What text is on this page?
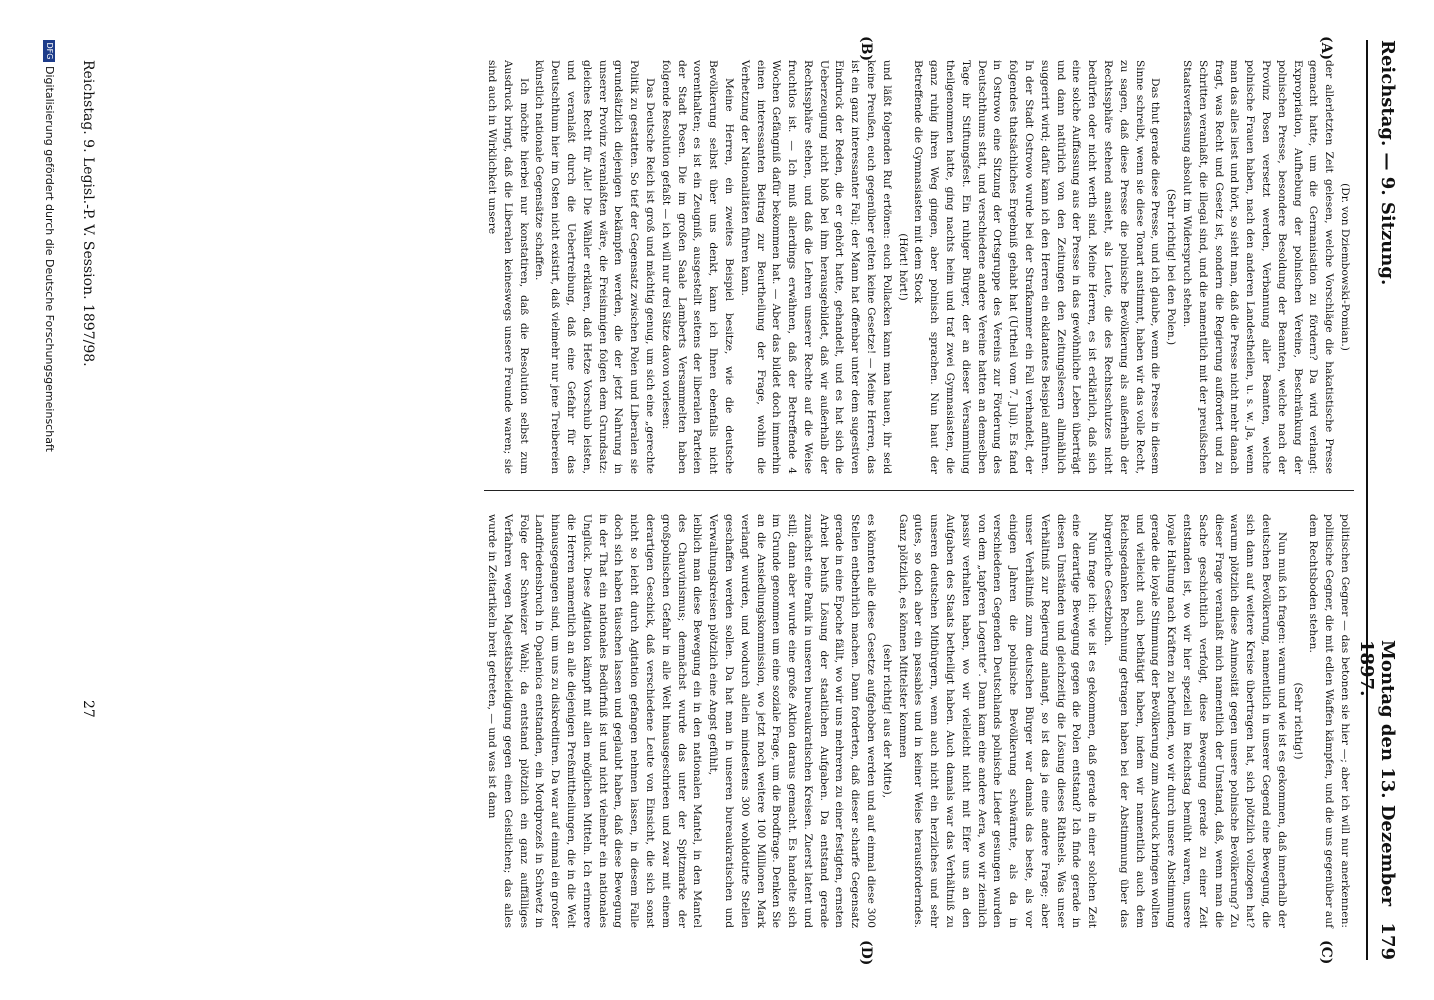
Reichstag. — 9. Sitzung.
Montag den 13. Dezember 1897.
179
(A)
(B)
(C)
(D)

(Dr. von Dziembowski-Pomian.)

der allerletzten Zeit gelesen, welche Vorschläge die hakatistische Presse gemacht hatte, um die Germanisation zu fördern? Da wird verlangt: Expropriation, Aufhebung der polnischen Vereine, Beschränkung der polnischen Presse, besondere Besoldung der Beamten, welche nach der Provinz Posen versetzt werden, Verbannung aller Beamten, welche polnische Frauen haben, nach den anderen Landestheilen, u. s. w. Ja, wenn man das alles liest und hört, so sieht man, daß die Presse nicht mehr danach fragt, was Recht und Gesetz ist, sondern die Regierung auffordert und zu Schritten veranlaßt, die illegal sind, und die namentlich mit der preußischen Staatsverfassung absolut im Widerspruch stehen.

(Sehr richtig! bei den Polen.)

Das thut gerade diese Presse, und ich glaube, wenn die Presse in diesem Sinne schreibt, wenn sie diese Tonart anstimmt, haben wir das volle Recht, zu sagen, daß diese Presse die polnische Bevölkerung als außerhalb der Rechtssphäre stehend ansieht, als Leute, die des Rechtsschutzes nicht bedürfen oder nicht werth sind. Meine Herren, es ist erklärlich, daß sich eine solche Auffassung aus der Presse in das gewöhnliche Leben überträgt und dann natürlich von den Zeitungen den Zeitungslesern allmählich suggerirt wird; dafür kann ich den Herren ein eklatantes Beispiel anführen. In der Stadt Ostrowo wurde bei der Strafkammer ein Fall verhandelt, der folgendes thatsächliches Ergebniß gehabt hat (Urtheil vom 7. Juli). Es fand in Ostrowo eine Sitzung der Ortsgruppe des Vereins zur Förderung des Deutschthums statt, und verschiedene andere Vereine hatten an demselben Tage ihr Stiftungsfest. Ein ruhiger Bürger, der an dieser Versammlung theilgenommen hatte, ging nachts heim und traf zwei Gymnasiasten, die ganz ruhig ihren Weg gingen, aber polnisch sprachen. Nun haut der Betreffende die Gymnasiasten mit dem Stock

(Hört! hört!)

und läßt folgenden Ruf ertönen: euch Pollacken kann man hauen, ihr seid keine Preußen, euch gegenüber gelten keine Gesetze! — Meine Herren, das ist ein ganz interessanter Fall; der Mann hat offenbar unter dem sugestiven Eindruck der Reden, die er gehört hatte, gehandelt, und es hat sich die Ueberzeugung nicht bloß bei ihm herausgebildet, daß wir außerhalb der Rechtssphäre stehen, und daß die Lehren unserer Rechte auf die Weise fruchtlos ist. — Ich muß allerdings erwähnen, daß der Betreffende 4 Wochen Gefängniß dafür bekommen hat. — Aber das bildet doch immerhin einen interessanten Beitrag zur Beurtheilung der Frage, wohin die Verhetzung der Nationalitäten führen kann.

Meine Herren, ein zweites Beispiel besitze, wie die deutsche Bevölkerung selbst über uns denkt, kann ich Ihnen ebenfalls nicht vorenthalten; es ist ein Zeugniß, ausgestellt seitens der liberalen Parteien der Stadt Posen. Die im großen Saale Lamberts Versammelten haben folgende Resolution gefaßt — ich will nur drei Sätze davon vorlesen:

Das Deutsche Reich ist groß und mächtig genug, um sich eine „gerechte Politik zu gestatten. So tief der Gegensatz zwischen Polen und Liberalen sie grundsätzlich diejenigen bekämpfen werden, die der jetzt Nahrung in unserer Provinz veranlaßten wäre, die Freisinnigen folgen dem Grundsatz: gleiches Recht für Alle! Die Wähler erklären, daß Hetze Vorschub leisten, und veranlaßt durch die Uebertreibung, daß eine Gefahr für das Deutschthum hier im Osten nicht existirt, daß vielmehr nur jene Treibereien künstlich nationale Gegensätze schaffen.

Ich möchte hierbei nur konstatiren, daß die Resolution selbst zum Ausdruck bringt, daß die Liberalen keineswegs unsere Freunde waren; sie sind auch in Wirklichkeit unsere

politischen Gegner — das betonen sie hier —; aber ich will nur anerkennen: politische Gegner, die mit edlen Waffen kämpfen, und die uns gegenüber auf dem Rechtsboden stehen.

(Sehr richtig!)

Nun muß ich fragen: warum und wie ist es gekommen, daß innerhalb der deutschen Bevölkerung, namentlich in unserer Gegend eine Bewegung, die sich dann auf weitere Kreise übertragen hat, sich plötzlich vollzogen hat? warum plötzlich diese Animosität gegen unsere polnische Bevölkerung? Zu dieser Frage veranlaßt mich namentlich der Umstand, daß, wenn man die Sache geschichtlich verfolgt, diese Bewegung gerade zu einer Zeit entstanden ist, wo wir hier speziell im Reichstag bemüht waren, unsere loyale Haltung nach Kräften zu befunden, wo wir durch unsere Abstimmung gerade die loyale Stimmung der Bevölkerung zum Ausdruck bringen wollten und vielleicht auch bethätigt haben, indem wir namentlich auch dem Reichsgedanken Rechnung getragen haben bei der Abstimmung über das bürgerliche Gesetzbuch.

Nun frage ich: wie ist es gekommen, daß gerade in einer solchen Zeit eine derartige Bewegung gegen die Polen entstand? Ich finde gerade in diesen Umständen und gleichzeitig die Lösung dieses Räthsels. Was unser Verhältniß zur Regierung anlangt, so ist das ja eine andere Frage; aber unser Verhältniß zum deutschen Bürger war damals das beste, als vor einigen Jahren die polnische Bevölkerung schwärmte, als da in verschiedenen Gegenden Deutschlands polnische Lieder gesungen wurden von dem „tapferen Logentte“. Dann kam eine andere Aera, wo wir ziemlich passiv verhalten haben, wo wir vielleicht nicht mit Eifer uns an den Aufgaben des Staats betheiligt haben. Auch damals war das Verhältniß zu unseren deutschen Mitbürgern, wenn auch nicht ein herzliches und sehr gutes, so doch aber ein passables und in keiner Weise herausforderndes. Ganz plötzlich, es können Mittelster kommen

(sehr richtig! aus der Mitte),

es könnten alle diese Gesetze aufgehoben werden und auf einmal diese 300 Stellen entbehrlich machen. Dann forderten, daß dieser scharfe Gegensatz gerade in eine Epoche fällt, wo wir uns mehreren zu einer festigten, ernsten Arbeit behufs Lösung der staatlichen Aufgaben. Da entstand gerade zunächst eine Panik in unseren bureaukratischen Kreisen. Zuerst latent und still; dann aber wurde eine große Aktion daraus gemacht. Es handelte sich im Grunde genommen um eine soziale Frage, um die Brodfrage. Denken Sie an die Ansiedlungskommission, wo jetzt noch weitere 100 Millionen Mark verlangt wurden, und wodurch allein mindestens 300 wohldotirte Stellen geschaffen werden sollen. Da hat man in unseren bureaukratischen und Verwaltungskreisen plötzlich eine Angst gefühlt,

leiblich man diese Bewegung ein in den nationalen Mantel, in den Mantel des Chauvinismus; demnächst wurde das unter der Spitzmarke der großpolnischen Gefahr in alle Welt hinausgeschrieen und zwar mit einem derartigen Geschick, daß verschiedene Leute von Einsicht, die sich sonst nicht so leicht durch Agitation gefangen nehmen lassen, in diesem Falle doch sich haben täuschen lassen und geglaubt haben, daß diese Bewegung in der That ein nationales Bedürfniß ist und nicht vielmehr ein nationales Unglück. Diese Agitation kämpft mit allen möglichen Mitteln. Ich erinnere die Herren namentlich an alle diejenigen Preßmittheilungen, die in die Welt hinausgegangen sind, um uns zu diskreditiren. Da war auf einmal ein großer Landfriedensbruch in Opalenica entstanden, ein Mordprozeß in Schwetz in Folge der Schweizer Wahl; da entstand plötzlich ein ganz auffälliges Verfahren wegen Majestätsbeleidigung gegen einen Geistlichen; das alles wurde in Zeitartikeln breit getreten, — und was ist dann

Reichstag. 9. Legisl.-P. V. Session. 1897/98.
27
DFGDigitalisierung gefördert durch die Deutsche Forschungsgemeinschaft
